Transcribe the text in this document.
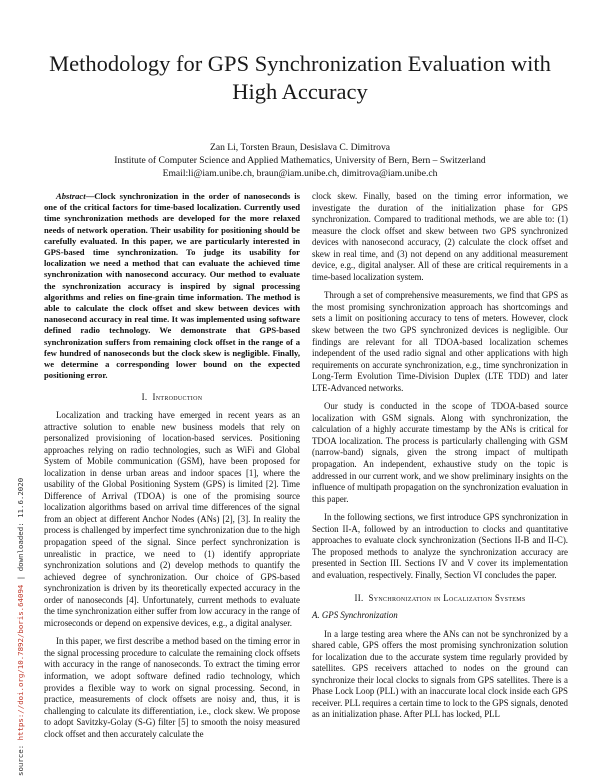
Methodology for GPS Synchronization Evaluation with High Accuracy
Zan Li, Torsten Braun, Desislava C. Dimitrova
Institute of Computer Science and Applied Mathematics, University of Bern, Bern – Switzerland
Email:li@iam.unibe.ch, braun@iam.unibe.ch, dimitrova@iam.unibe.ch
source: https://doi.org/10.7892/boris.64094 | downloaded: 11.6.2020

Abstract—Clock synchronization in the order of nanoseconds is one of the critical factors for time-based localization. Currently used time synchronization methods are developed for the more relaxed needs of network operation. Their usability for positioning should be carefully evaluated. In this paper, we are particularly interested in GPS-based time synchronization. To judge its usability for localization we need a method that can evaluate the achieved time synchronization with nanosecond accuracy. Our method to evaluate the synchronization accuracy is inspired by signal processing algorithms and relies on fine-grain time information. The method is able to calculate the clock offset and skew between devices with nanosecond accuracy in real time. It was implemented using software defined radio technology. We demonstrate that GPS-based synchronization suffers from remaining clock offset in the range of a few hundred of nanoseconds but the clock skew is negligible. Finally, we determine a corresponding lower bound on the expected positioning error.

I. Introduction

Localization and tracking have emerged in recent years as an attractive solution to enable new business models that rely on personalized provisioning of location-based services. Positioning approaches relying on radio technologies, such as WiFi and Global System of Mobile communication (GSM), have been proposed for localization in dense urban areas and indoor spaces [1], where the usability of the Global Positioning System (GPS) is limited [2]. Time Difference of Arrival (TDOA) is one of the promising source localization algorithms based on arrival time differences of the signal from an object at different Anchor Nodes (ANs) [2], [3]. In reality the process is challenged by imperfect time synchronization due to the high propagation speed of the signal. Since perfect synchronization is unrealistic in practice, we need to (1) identify appropriate synchronization solutions and (2) develop methods to quantify the achieved degree of synchronization. Our choice of GPS-based synchronization is driven by its theoretically expected accuracy in the order of nanoseconds [4]. Unfortunately, current methods to evaluate the time synchronization either suffer from low accuracy in the range of microseconds or depend on expensive devices, e.g., a digital analyser.

In this paper, we first describe a method based on the timing error in the signal processing procedure to calculate the remaining clock offsets with accuracy in the range of nanoseconds. To extract the timing error information, we adopt software defined radio technology, which provides a flexible way to work on signal processing. Second, in practice, measurements of clock offsets are noisy and, thus, it is challenging to calculate its differentiation, i.e., clock skew. We propose to adopt Savitzky-Golay (S-G) filter [5] to smooth the noisy measured clock offset and then accurately calculate the

clock skew. Finally, based on the timing error information, we investigate the duration of the initialization phase for GPS synchronization. Compared to traditional methods, we are able to: (1) measure the clock offset and skew between two GPS synchronized devices with nanosecond accuracy, (2) calculate the clock offset and skew in real time, and (3) not depend on any additional measurement device, e.g., digital analyser. All of these are critical requirements in a time-based localization system.

Through a set of comprehensive measurements, we find that GPS as the most promising synchronization approach has shortcomings and sets a limit on positioning accuracy to tens of meters. However, clock skew between the two GPS synchronized devices is negligible. Our findings are relevant for all TDOA-based localization schemes independent of the used radio signal and other applications with high requirements on accurate synchronization, e.g., time synchronization in Long-Term Evolution Time-Division Duplex (LTE TDD) and later LTE-Advanced networks.

Our study is conducted in the scope of TDOA-based source localization with GSM signals. Along with synchronization, the calculation of a highly accurate timestamp by the ANs is critical for TDOA localization. The process is particularly challenging with GSM (narrow-band) signals, given the strong impact of multipath propagation. An independent, exhaustive study on the topic is addressed in our current work, and we show preliminary insights on the influence of multipath propagation on the synchronization evaluation in this paper.

In the following sections, we first introduce GPS synchronization in Section II-A, followed by an introduction to clocks and quantitative approaches to evaluate clock synchronization (Sections II-B and II-C). The proposed methods to analyze the synchronization accuracy are presented in Section III. Sections IV and V cover its implementation and evaluation, respectively. Finally, Section VI concludes the paper.

II. Synchronization in Localization Systems

A. GPS Synchronization

In a large testing area where the ANs can not be synchronized by a shared cable, GPS offers the most promising synchronization solution for localization due to the accurate system time regularly provided by satellites. GPS receivers attached to nodes on the ground can synchronize their local clocks to signals from GPS satellites. There is a Phase Lock Loop (PLL) with an inaccurate local clock inside each GPS receiver. PLL requires a certain time to lock to the GPS signals, denoted as an initialization phase. After PLL has locked, PLL
